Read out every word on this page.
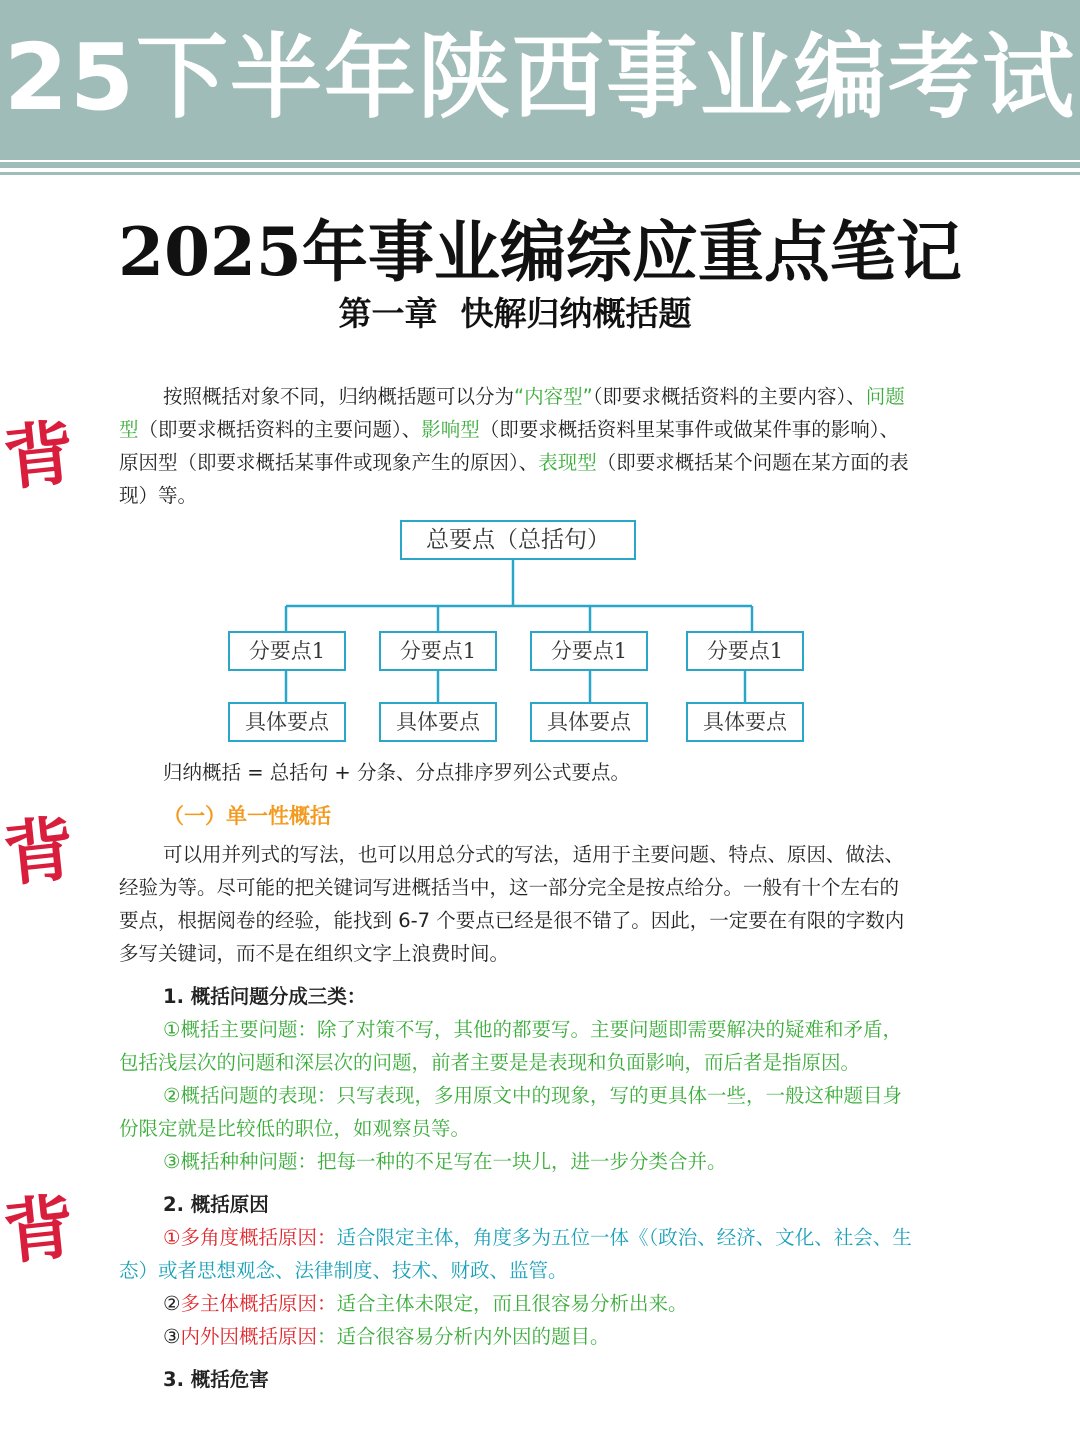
25下半年陕西事业编考试
2025年事业编综应重点笔记
第一章  快解归纳概括题
背
背
背
按照概括对象不同，归纳概括题可以分为“内容型”（即要求概括资料的主要内容）、问题型（即要求概括资料的主要问题）、影响型（即要求概括资料里某事件或做某件事的影响）、原因型（即要求概括某事件或现象产生的原因）、表现型（即要求概括某个问题在某方面的表现）等。
总要点（总括句）
分要点1	分要点1	分要点1	分要点1
具体要点	具体要点	具体要点	具体要点
归纳概括 = 总括句 + 分条、分点排序罗列公式要点。
（一）单一性概括
可以用并列式的写法，也可以用总分式的写法，适用于主要问题、特点、原因、做法、经验为等。尽可能的把关键词写进概括当中，这一部分完全是按点给分。一般有十个左右的要点，根据阅卷的经验，能找到 6-7 个要点已经是很不错了。因此，一定要在有限的字数内多写关键词，而不是在组织文字上浪费时间。
1. 概括问题分成三类：
①概括主要问题：除了对策不写，其他的都要写。主要问题即需要解决的疑难和矛盾，包括浅层次的问题和深层次的问题，前者主要是是表现和负面影响，而后者是指原因。
②概括问题的表现：只写表现，多用原文中的现象，写的更具体一些，一般这种题目身份限定就是比较低的职位，如观察员等。
③概括种种问题：把每一种的不足写在一块儿，进一步分类合并。
2. 概括原因
①多角度概括原因：适合限定主体，角度多为五位一体《（政治、经济、文化、社会、生态）或者思想观念、法律制度、技术、财政、监管。
②多主体概括原因：适合主体未限定，而且很容易分析出来。
③内外因概括原因：适合很容易分析内外因的题目。
3. 概括危害
